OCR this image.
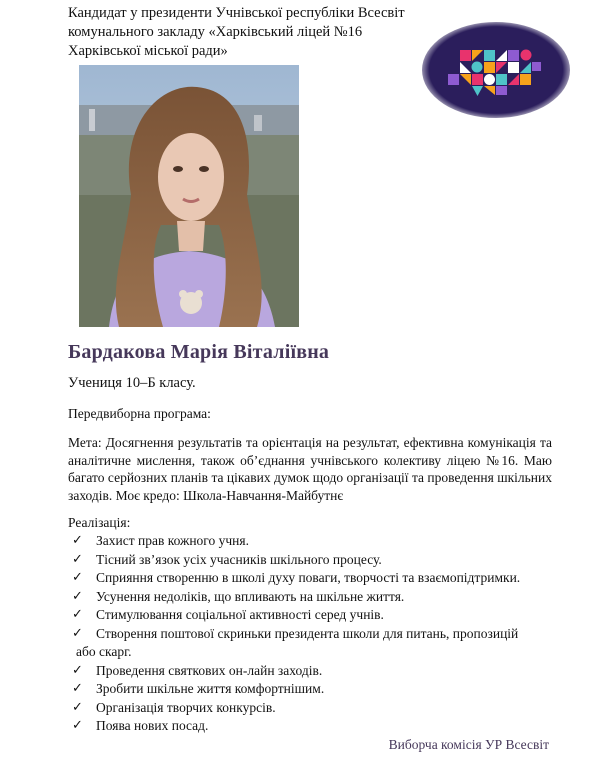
Кандидат у президенти Учнівської республіки Всесвіт
комунального закладу «Харківський ліцей №16
Харківської міської ради»
Бардакова Марія Віталіївна
Учениця 10–Б класу.
Передвиборна програма:
Мета: Досягнення результатів та орієнтація на результат, ефективна комунікація та аналітичне мислення, також об’єднання учнівського колективу ліцею №16. Маю багато серйозних планів та цікавих думок щодо організації та проведення шкільних заходів. Моє кредо: Школа-Навчання-Майбутнє
Реалізація:
✓ Захист прав кожного учня.
✓ Тісний зв’язок усіх учасників шкільного процесу.
✓ Сприяння створенню в школі духу поваги, творчості та взаємопідтримки.
✓ Усунення недоліків, що впливають на шкільне життя.
✓ Стимулювання соціальної активності серед учнів.
✓ Створення поштової скриньки президента школи для питань, пропозицій
або скарг.
✓ Проведення святкових он-лайн заходів.
✓ Зробити шкільне життя комфортнішим.
✓ Організація творчих конкурсів.
✓ Поява нових посад.
Виборча комісія УР Всесвіт
